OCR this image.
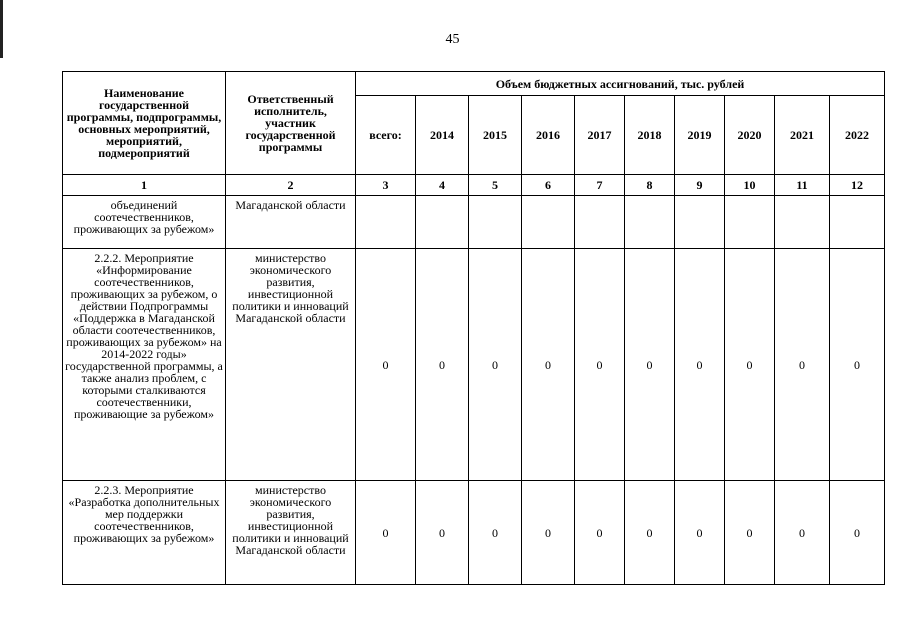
45
Наименование государственной программы, подпрограммы, основных мероприятий, мероприятий, подмероприятий	Ответственный исполнитель, участник государственной программы	Объем бюджетных ассигнований, тыс. рублей									
		всего:	2014	2015	2016	2017	2018	2019	2020	2021	2022
1	2	3	4	5	6	7	8	9	10	11	12
объединений соотечественников, проживающих за рубежом»	Магаданской области										
2.2.2. Мероприятие «Информирование соотечественников, проживающих за рубежом, о действии Подпрограммы «Поддержка в Магаданской области соотечественников, проживающих за рубежом» на 2014-2022 годы» государственной программы, а также анализ проблем, с которыми сталкиваются соотечественники, проживающие за рубежом»	министерство экономического развития, инвестиционной политики и инноваций Магаданской области	0	0	0	0	0	0	0	0	0	0
2.2.3. Мероприятие «Разработка дополнительных мер поддержки соотечественников, проживающих за рубежом»	министерство экономического развития, инвестиционной политики и инноваций Магаданской области	0	0	0	0	0	0	0	0	0	0
